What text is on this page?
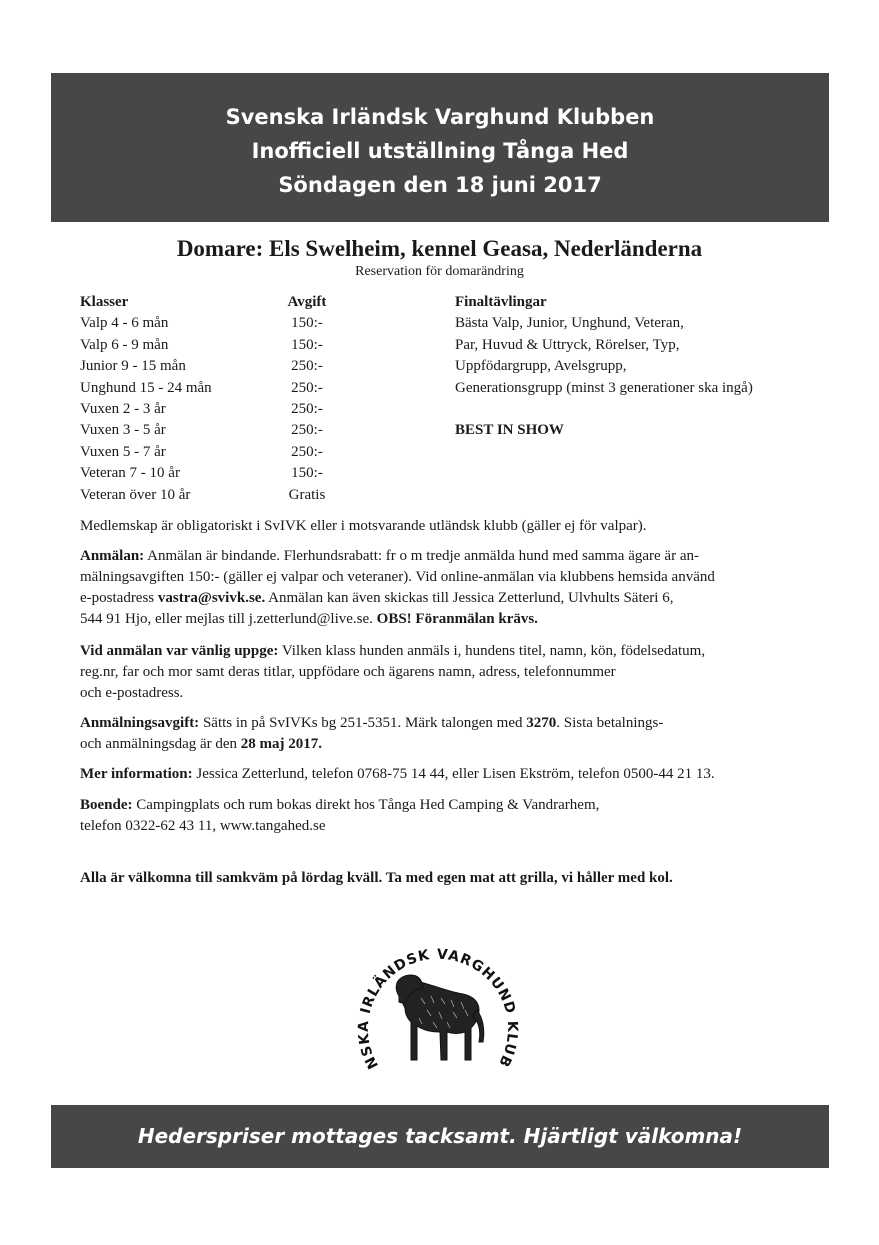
Svenska Irländsk Varghund Klubben
Inofficiell utställning Tånga Hed
Söndagen den 18 juni 2017
Domare: Els Swelheim, kennel Geasa, Nederländerna
Reservation för domarändring
Klasser	Avgift
Valp 4 - 6 mån	150:-
Valp 6 - 9 mån	150:-
Junior 9 - 15 mån	250:-
Unghund 15 - 24 mån	250:-
Vuxen 2 - 3 år	250:-
Vuxen 3 - 5 år	250:-
Vuxen 5 - 7 år	250:-
Veteran 7 - 10 år	150:-
Veteran över 10 år	Gratis
Finaltävlingar
Bästa Valp, Junior, Unghund, Veteran,
Par, Huvud & Uttryck, Rörelser, Typ,
Uppfödargrupp, Avelsgrupp,
Generationsgrupp (minst 3 generationer ska ingå)
BEST IN SHOW

Medlemskap är obligatoriskt i SvIVK eller i motsvarande utländsk klubb (gäller ej för valpar).

Anmälan: Anmälan är bindande. Flerhundsrabatt: fr o m tredje anmälda hund med samma ägare är an-

mälningsavgiften 150:- (gäller ej valpar och veteraner). Vid online-anmälan via klubbens hemsida använd

e-postadress vastra@svivk.se. Anmälan kan även skickas till Jessica Zetterlund, Ulvhults Säteri 6,

544 91 Hjo, eller mejlas till j.zetterlund@live.se. OBS! Föranmälan krävs.

Vid anmälan var vänlig uppge: Vilken klass hunden anmäls i, hundens titel, namn, kön, födelsedatum,

reg.nr, far och mor samt deras titlar, uppfödare och ägarens namn, adress, telefonnummer

och e-postadress.

Anmälningsavgift: Sätts in på SvIVKs bg 251-5351. Märk talongen med 3270. Sista betalnings-

och anmälningsdag är den 28 maj 2017.

Mer information: Jessica Zetterlund, telefon 0768-75 14 44, eller Lisen Ekström, telefon 0500-44 21 13.

Boende: Campingplats och rum bokas direkt hos Tånga Hed Camping & Vandrarhem,

telefon 0322-62 43 11, www.tangahed.se

Alla är välkomna till samkväm på lördag kväll. Ta med egen mat att grilla, vi håller med kol.

NSKA IRLÄNDSK VARGHUND KLUB
Hederspriser mottages tacksamt. Hjärtligt välkomna!
